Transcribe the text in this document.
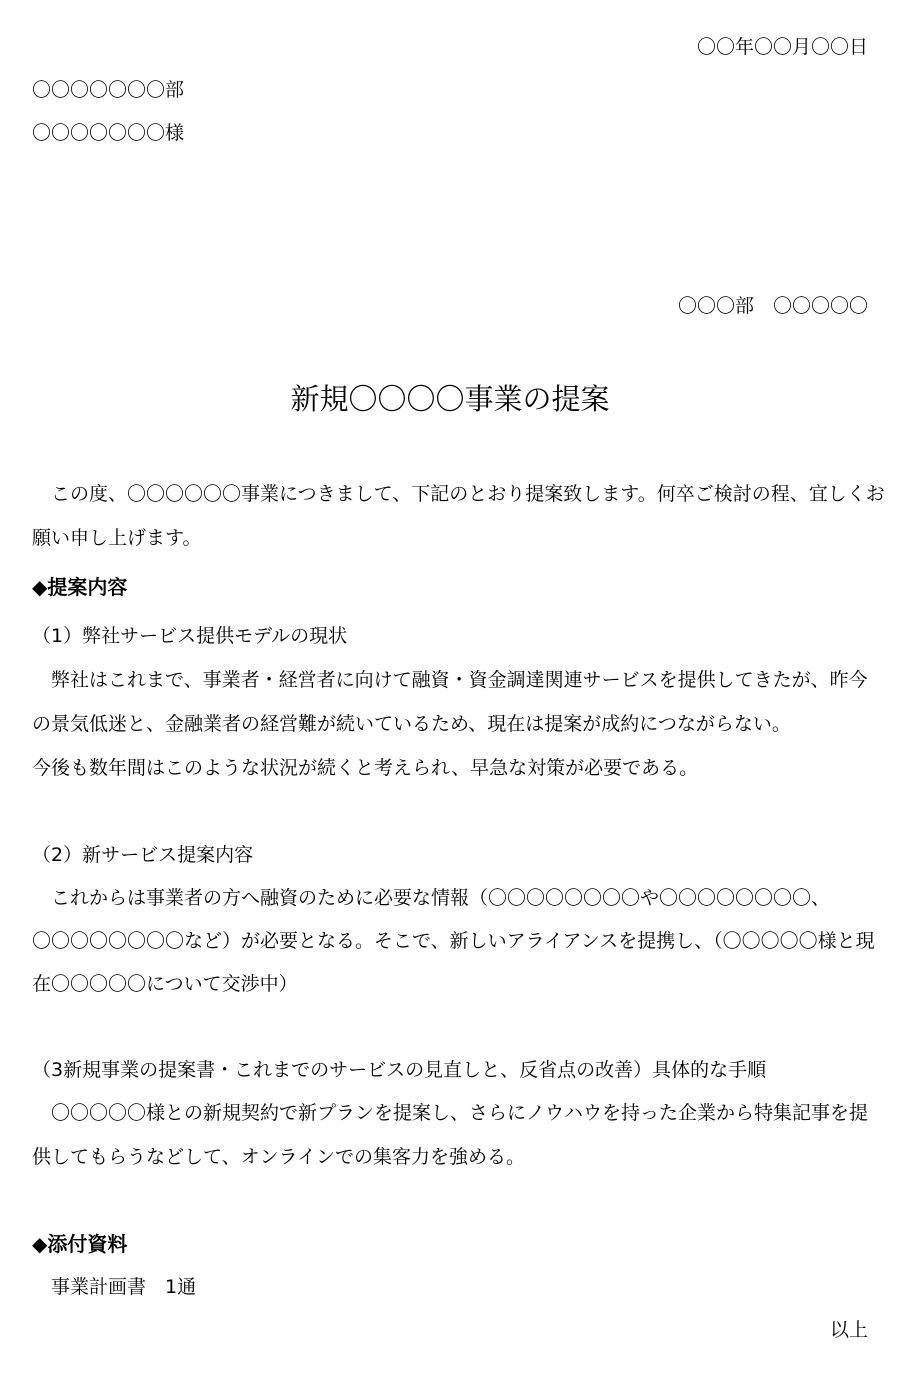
〇〇年〇〇月〇〇日
〇〇〇〇〇〇〇部
〇〇〇〇〇〇〇様
〇〇〇部　〇〇〇〇〇
新規〇〇〇〇事業の提案
　この度、〇〇〇〇〇〇事業につきまして、下記のとおり提案致します。何卒ご検討の程、宜しくお
願い申し上げます。
◆提案内容
（1）弊社サービス提供モデルの現状
　弊社はこれまで、事業者・経営者に向けて融資・資金調達関連サービスを提供してきたが、昨今
の景気低迷と、金融業者の経営難が続いているため、現在は提案が成約につながらない。
今後も数年間はこのような状況が続くと考えられ、早急な対策が必要である。
（2）新サービス提案内容
　これからは事業者の方へ融資のために必要な情報（〇〇〇〇〇〇〇〇や〇〇〇〇〇〇〇〇、
〇〇〇〇〇〇〇〇など）が必要となる。そこで、新しいアライアンスを提携し、（〇〇〇〇〇様と現
在〇〇〇〇〇について交渉中）
（3新規事業の提案書・これまでのサービスの見直しと、反省点の改善）具体的な手順
　〇〇〇〇〇様との新規契約で新プランを提案し、さらにノウハウを持った企業から特集記事を提
供してもらうなどして、オンラインでの集客力を強める。
◆添付資料
　事業計画書　1通
以上
